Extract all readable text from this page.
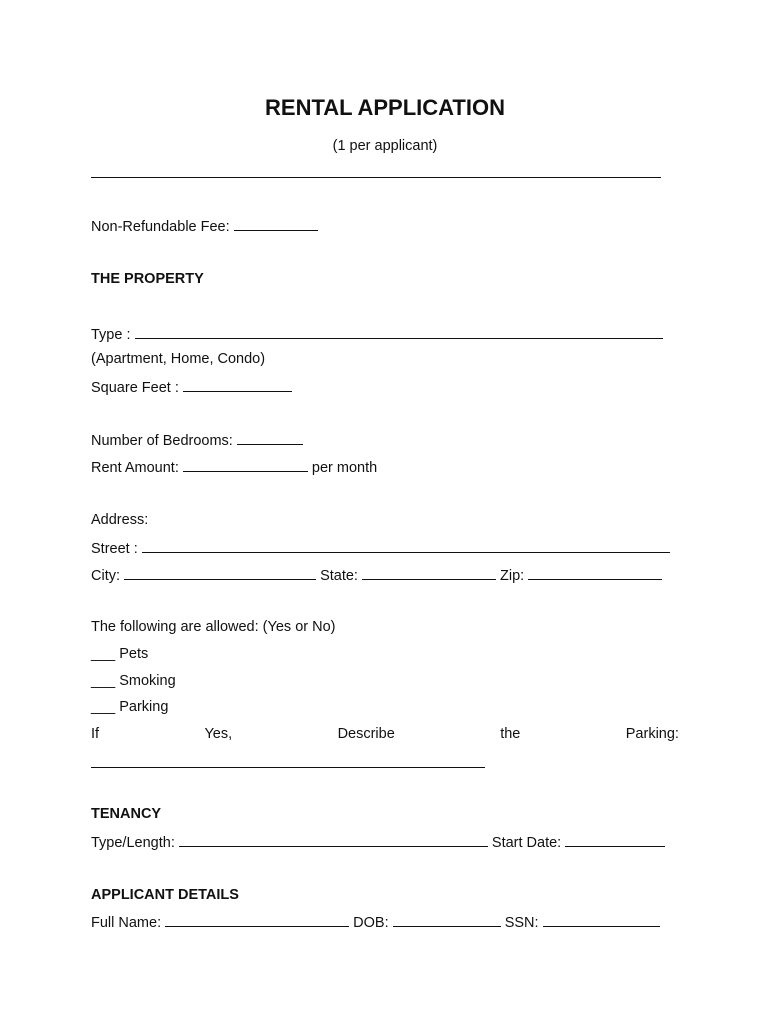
RENTAL APPLICATION
(1 per applicant)
Non-Refundable Fee:
THE PROPERTY
Type :
(Apartment, Home, Condo)
Square Feet :
Number of Bedrooms:
Rent Amount:	per month
Address:
Street :
City:	State:	Zip:
The following are allowed: (Yes or No)
___ Pets
___ Smoking
___ Parking
If	Yes,	Describe	the	Parking:
TENANCY
Type/Length:	Start Date:
APPLICANT DETAILS
Full Name:	DOB:	SSN:
